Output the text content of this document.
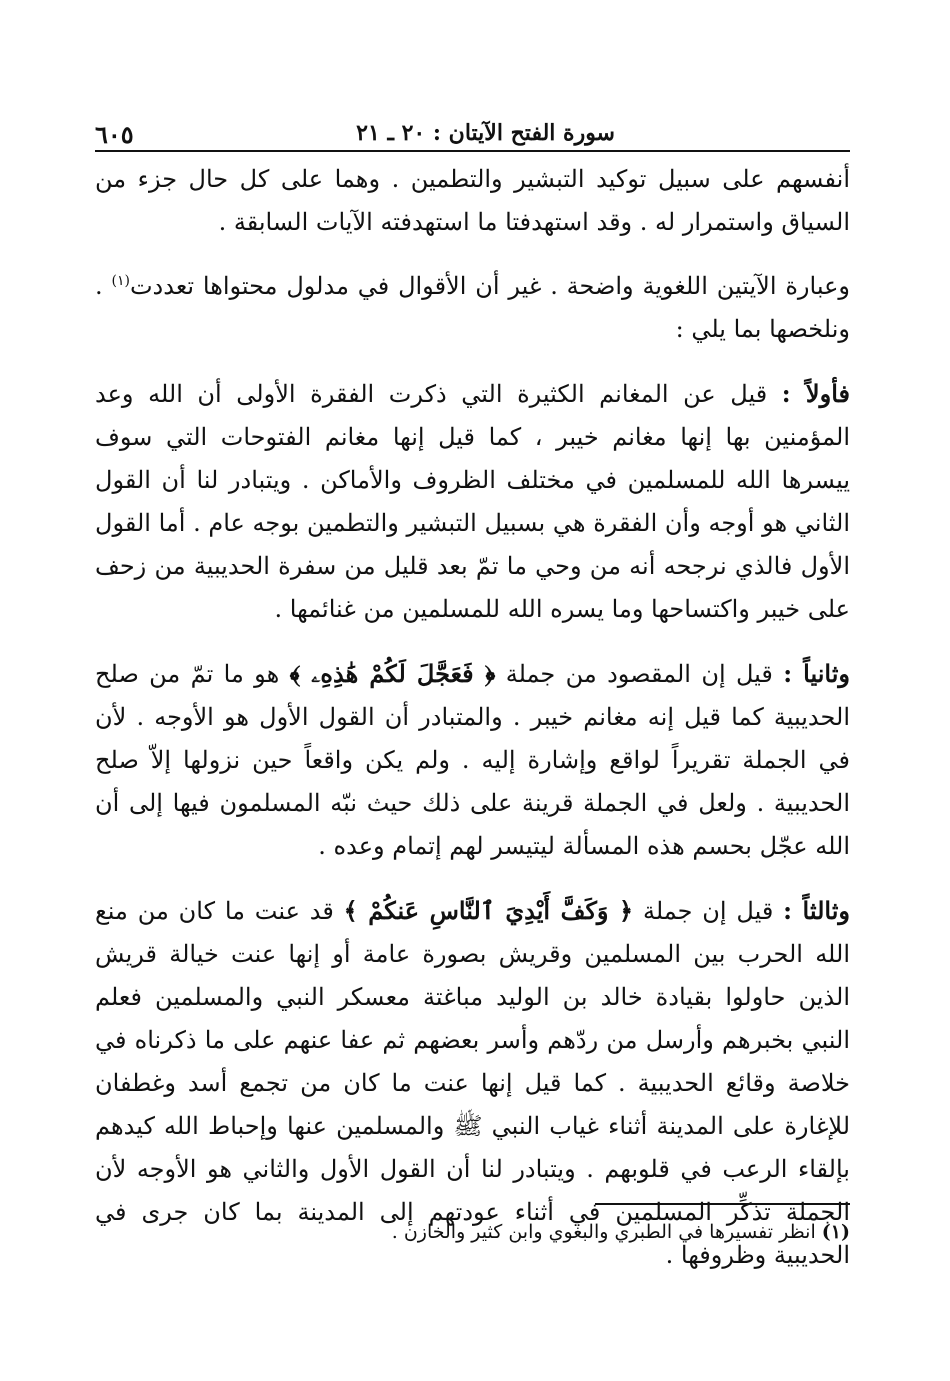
٦٠٥	سورة الفتح الآيتان : ٢٠ ـ ٢١

أنفسهم على سبيل توكيد التبشير والتطمين . وهما على كل حال جزء من السياق واستمرار له . وقد استهدفتا ما استهدفته الآيات السابقة .

وعبارة الآيتين اللغوية واضحة . غير أن الأقوال في مدلول محتواها تعددت$^{(١)}$ . ونلخصها بما يلي :

فأولاً : قيل عن المغانم الكثيرة التي ذكرت الفقرة الأولى أن الله وعد المؤمنين بها إنها مغانم خيبر ، كما قيل إنها مغانم الفتوحات التي سوف ييسرها الله للمسلمين في مختلف الظروف والأماكن . ويتبادر لنا أن القول الثاني هو أوجه وأن الفقرة هي بسبيل التبشير والتطمين بوجه عام . أما القول الأول فالذي نرجحه أنه من وحي ما تمّ بعد قليل من سفرة الحديبية من زحف على خيبر واكتساحها وما يسره الله للمسلمين من غنائمها .

وثانياً : قيل إن المقصود من جملة ﴿ فَعَجَّلَ لَكُمْ هَٰذِهِۦ ﴾ هو ما تمّ من صلح الحديبية كما قيل إنه مغانم خيبر . والمتبادر أن القول الأول هو الأوجه . لأن في الجملة تقريراً لواقع وإشارة إليه . ولم يكن واقعاً حين نزولها إلاّ صلح الحديبية . ولعل في الجملة قرينة على ذلك حيث نبّه المسلمون فيها إلى أن الله عجّل بحسم هذه المسألة ليتيسر لهم إتمام وعده .

وثالثاً : قيل إن جملة ﴿ وَكَفَّ أَيْدِيَ ٱلنَّاسِ عَنكُمْ ﴾ قد عنت ما كان من منع الله الحرب بين المسلمين وقريش بصورة عامة أو إنها عنت خيالة قريش الذين حاولوا بقيادة خالد بن الوليد مباغتة معسكر النبي والمسلمين فعلم النبي بخبرهم وأرسل من ردّهم وأسر بعضهم ثم عفا عنهم على ما ذكرناه في خلاصة وقائع الحديبية . كما قيل إنها عنت ما كان من تجمع أسد وغطفان للإغارة على المدينة أثناء غياب النبي ﷺ والمسلمين عنها وإحباط الله كيدهم بإلقاء الرعب في قلوبهم . ويتبادر لنا أن القول الأول والثاني هو الأوجه لأن الجملة تذكِّر المسلمين في أثناء عودتهم إلى المدينة بما كان جرى في الحديبية وظروفها .

(١) انظر تفسيرها في الطبري والبغوي وابن كثير والخازن .
